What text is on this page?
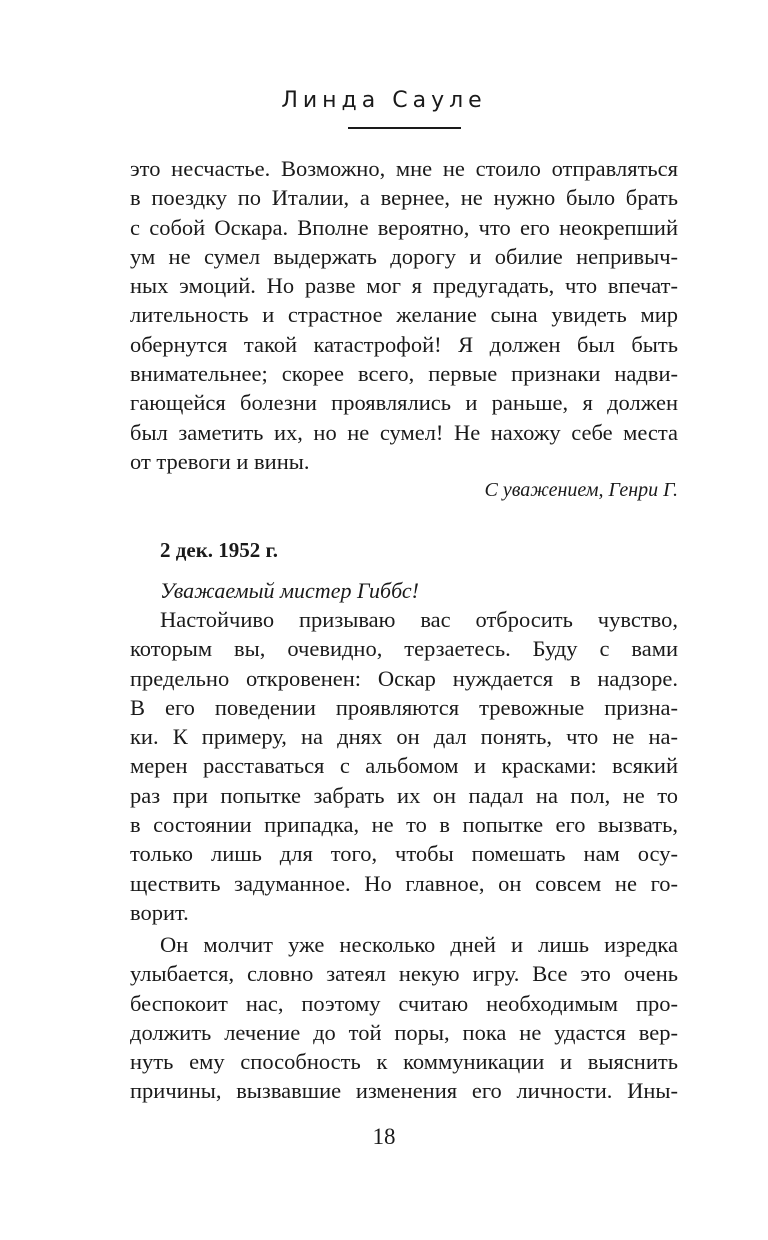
Линда Сауле
это несчастье. Возможно, мне не стоило отправляться
в поездку по Италии, а вернее, не нужно было брать
с собой Оскара. Вполне вероятно, что его неокрепший
ум не сумел выдержать дорогу и обилие непривыч-
ных эмоций. Но разве мог я предугадать, что впечат-
лительность и страстное желание сына увидеть мир
обернутся такой катастрофой! Я должен был быть
внимательнее; скорее всего, первые признаки надви-
гающейся болезни проявлялись и раньше, я должен
был заметить их, но не сумел! Не нахожу себе места
от тревоги и вины.
С уважением, Генри Г.
2 дек. 1952 г.
Уважаемый мистер Гиббс!
Настойчиво призываю вас отбросить чувство,
которым вы, очевидно, терзаетесь. Буду с вами
предельно откровенен: Оскар нуждается в надзоре.
В его поведении проявляются тревожные призна-
ки. К примеру, на днях он дал понять, что не на-
мерен расставаться с альбомом и красками: всякий
раз при попытке забрать их он падал на пол, не то
в состоянии припадка, не то в попытке его вызвать,
только лишь для того, чтобы помешать нам осу-
ществить задуманное. Но главное, он совсем не го-
ворит.
Он молчит уже несколько дней и лишь изредка
улыбается, словно затеял некую игру. Все это очень
беспокоит нас, поэтому считаю необходимым про-
должить лечение до той поры, пока не удастся вер-
нуть ему способность к коммуникации и выяснить
причины, вызвавшие изменения его личности. Ины-
18
